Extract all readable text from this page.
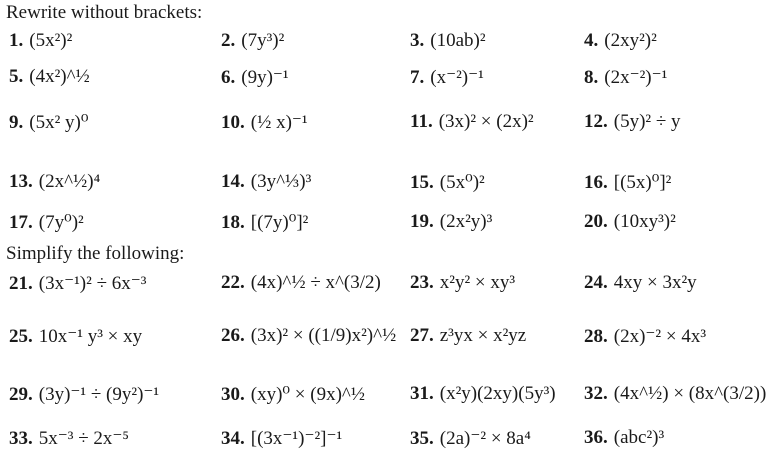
Rewrite without brackets:
1. (5x²)²	2. (7y³)²	3. (10ab)²	4. (2xy²)²
5. (4x²)^½	6. (9y)⁻¹	7. (x⁻²)⁻¹	8. (2x⁻²)⁻¹
9. (5x² y)⁰	10. (½ x)⁻¹	11. (3x)² × (2x)²	12. (5y)² ÷ y
13. (2x^½)⁴	14. (3y^⅓)³	15. (5x⁰)²	16. [(5x)⁰]²
17. (7y⁰)²	18. [(7y)⁰]²	19. (2x²y)³	20. (10xy³)²
Simplify the following:
21. (3x⁻¹)² ÷ 6x⁻³	22. (4x)^½ ÷ x^(3/2) 23. x²y² × xy³	24. 4xy × 3x²y
25. 10x⁻¹ y³ × xy	26. (3x)² × ((1/9)x²)^½ 27. z³yx × x²yz	28. (2x)⁻² × 4x³
29. (3y)⁻¹ ÷ (9y²)⁻¹	30. (xy)⁰ × (9x)^½ 31. (x²y)(2xy)(5y³) 32. (4x^½) × (8x^(3/2))
33. 5x⁻³ ÷ 2x⁻⁵	34. [(3x⁻¹)⁻²]⁻¹	35. (2a)⁻² × 8a⁴	36. (abc²)³
